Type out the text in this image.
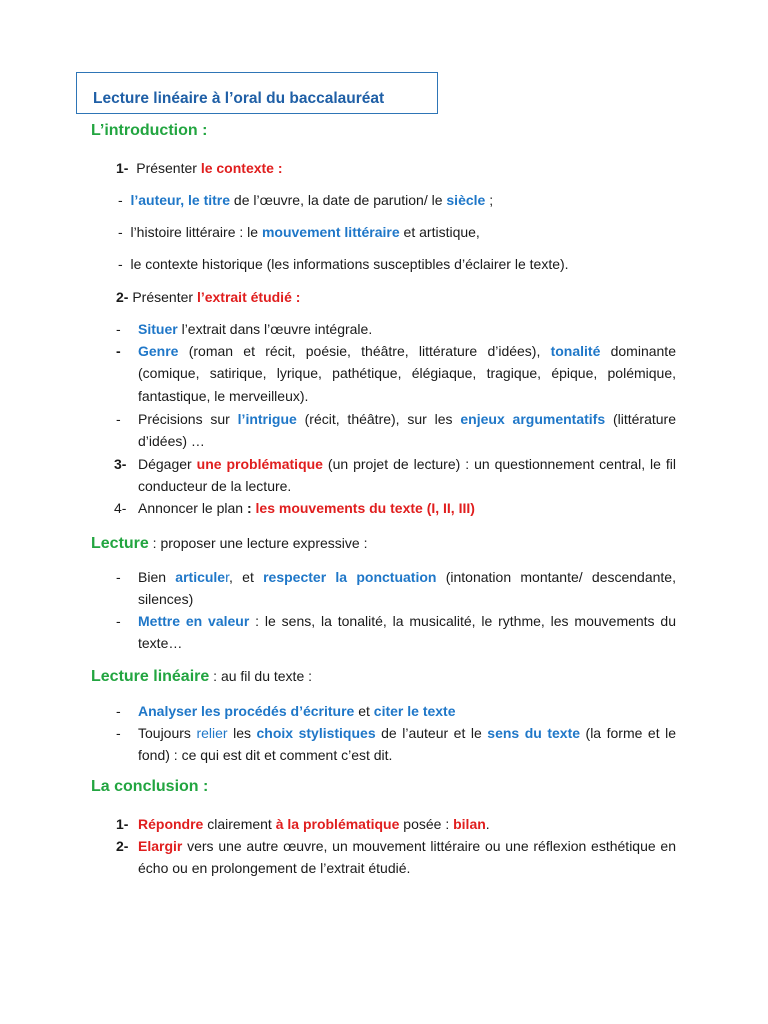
Lecture linéaire à l’oral du baccalauréat
L’introduction :
1- Présenter le contexte :
- l’auteur, le titre de l’œuvre, la date de parution/ le siècle ;
- l’histoire littéraire : le mouvement littéraire et artistique,
- le contexte historique (les informations susceptibles d’éclairer le texte).
2- Présenter l’extrait étudié :
- Situer l’extrait dans l’œuvre intégrale.
- Genre (roman et récit, poésie, théâtre, littérature d’idées), tonalité dominante (comique, satirique, lyrique, pathétique, élégiaque, tragique, épique, polémique, fantastique, le merveilleux).
- Précisions sur l’intrigue (récit, théâtre), sur les enjeux argumentatifs (littérature d’idées) …
3- Dégager une problématique (un projet de lecture) : un questionnement central, le fil conducteur de la lecture.
4- Annoncer le plan : les mouvements du texte (I, II, III)
Lecture : proposer une lecture expressive :
- Bien articuler, et respecter la ponctuation (intonation montante/ descendante, silences)
- Mettre en valeur : le sens, la tonalité, la musicalité, le rythme, les mouvements du texte…
Lecture linéaire : au fil du texte :
- Analyser les procédés d’écriture et citer le texte
- Toujours relier les choix stylistiques de l’auteur et le sens du texte (la forme et le fond) : ce qui est dit et comment c’est dit.
La conclusion :
1- Répondre clairement à la problématique posée : bilan.
2- Elargir vers une autre œuvre, un mouvement littéraire ou une réflexion esthétique en écho ou en prolongement de l’extrait étudié.
